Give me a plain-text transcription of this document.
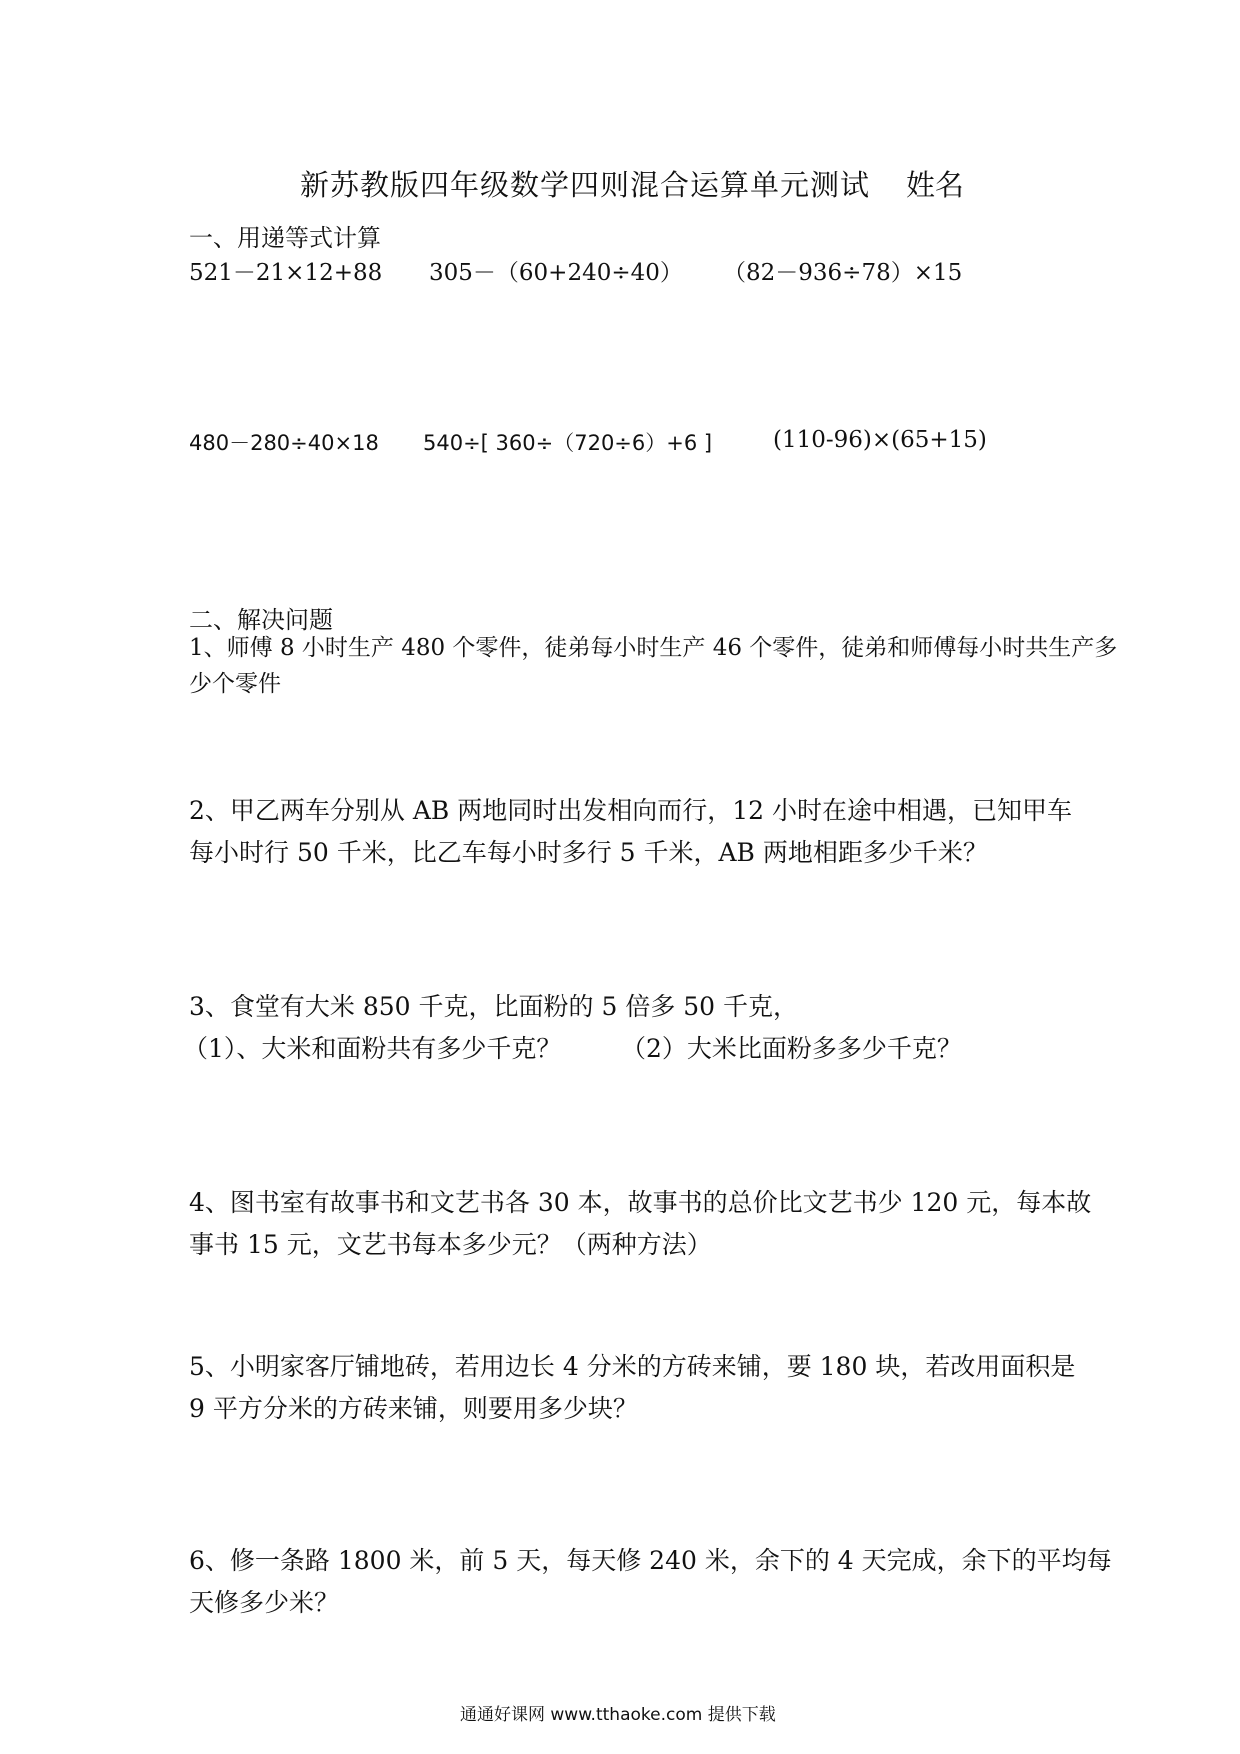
新苏教版四年级数学四则混合运算单元测试 姓名
一、用递等式计算
521－21×12+88 305－（60+240÷40） （82－936÷78）×15
480－280÷40×18 540÷[ 360÷（720÷6）+6 ]	(110-96)×(65+15)
二、解决问题
1、师傅 8 小时生产 480 个零件，徒弟每小时生产 46 个零件，徒弟和师傅每小时共生产多
少个零件
2、甲乙两车分别从 AB 两地同时出发相向而行，12 小时在途中相遇，已知甲车
每小时行 50 千米，比乙车每小时多行 5 千米，AB 两地相距多少千米？
3、食堂有大米 850 千克，比面粉的 5 倍多 50 千克，
（1）、大米和面粉共有多少千克？ （2）大米比面粉多多少千克？
4、图书室有故事书和文艺书各 30 本，故事书的总价比文艺书少 120 元，每本故
事书 15 元，文艺书每本多少元？（两种方法）
5、小明家客厅铺地砖，若用边长 4 分米的方砖来铺，要 180 块，若改用面积是
9 平方分米的方砖来铺，则要用多少块？
6、修一条路 1800 米，前 5 天，每天修 240 米，余下的 4 天完成，余下的平均每
天修多少米？
通通好课网 www.tthaoke.com 提供下载
